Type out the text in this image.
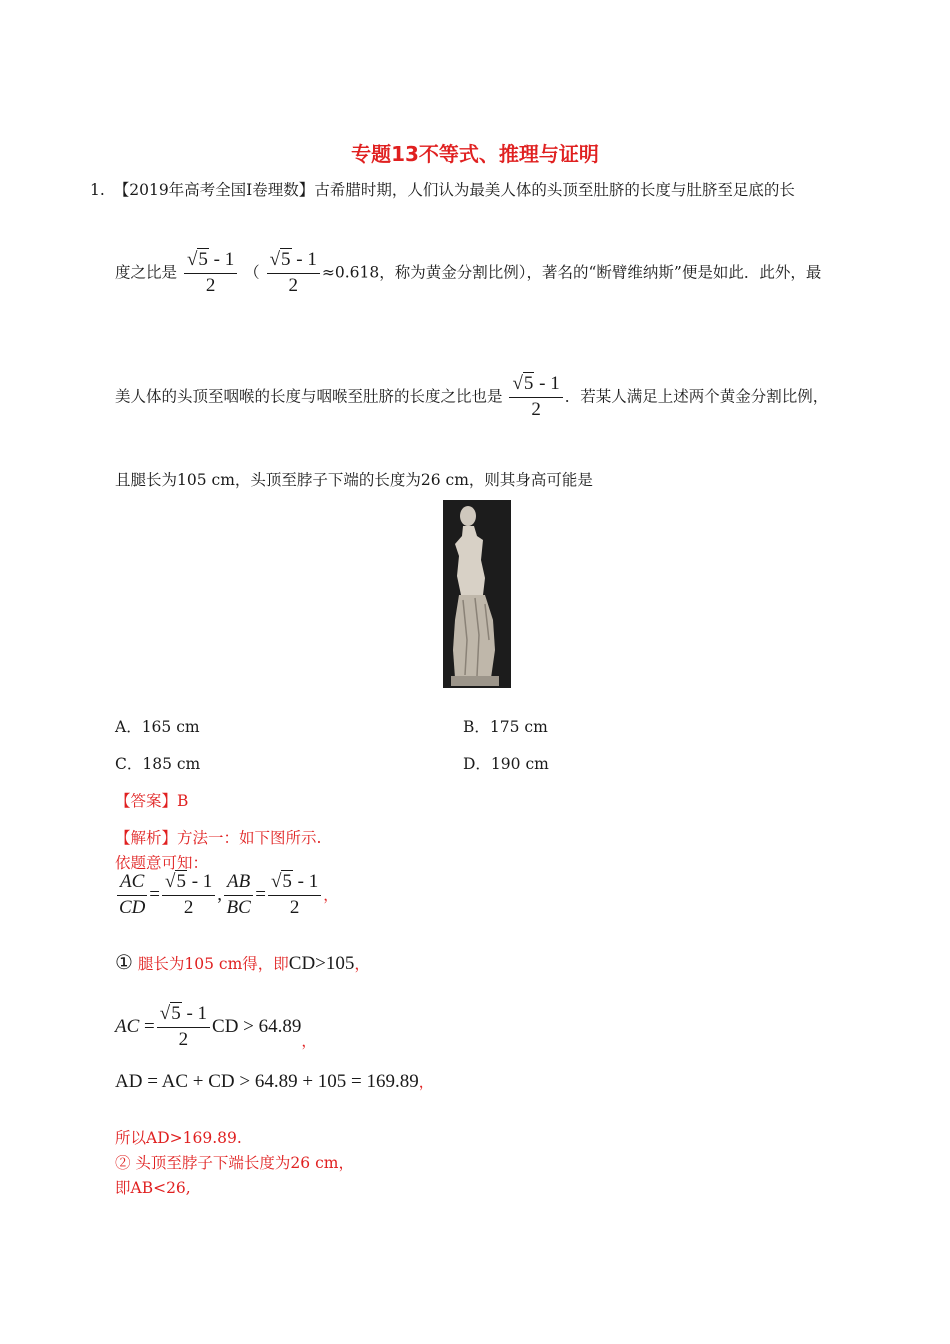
专题13不等式、推理与证明
1. 【2019年高考全国Ⅰ卷理数】古希腊时期，人们认为最美人体的头顶至肚脐的长度与肚脐至足底的长
度之比是 $\frac{√5 - 1}{2}$ （ $\frac{√5 - 1}{2} \approx 0.618$，称为黄金分割比例），著名的“断臂维纳斯”便是如此．此外，最
美人体的头顶至咽喉的长度与咽喉至肚脐的长度之比也是 $\frac{√5 - 1}{2}$ ．若某人满足上述两个黄金分割比例，
且腿长为105 cm，头顶至脖子下端的长度为26 cm，则其身高可能是
A．165 cm	B．175 cm
C．185 cm	D．190 cm
【答案】B
【解析】方法一：如下图所示.
依题意可知：
$\frac{AC}{CD} = \frac{√5 - 1}{2}$ , $\frac{AB}{BC} = \frac{√5 - 1}{2}$ ，
① 腿长为105 cm得，即CD>105，
AC = $\frac{√5 - 1}{2}$ CD > $64.89_,$
AD = AC + CD > 64.89 + 105 = 169.89，
所以AD>169.89.
② 头顶至脖子下端长度为26 cm，
即AB<26,
